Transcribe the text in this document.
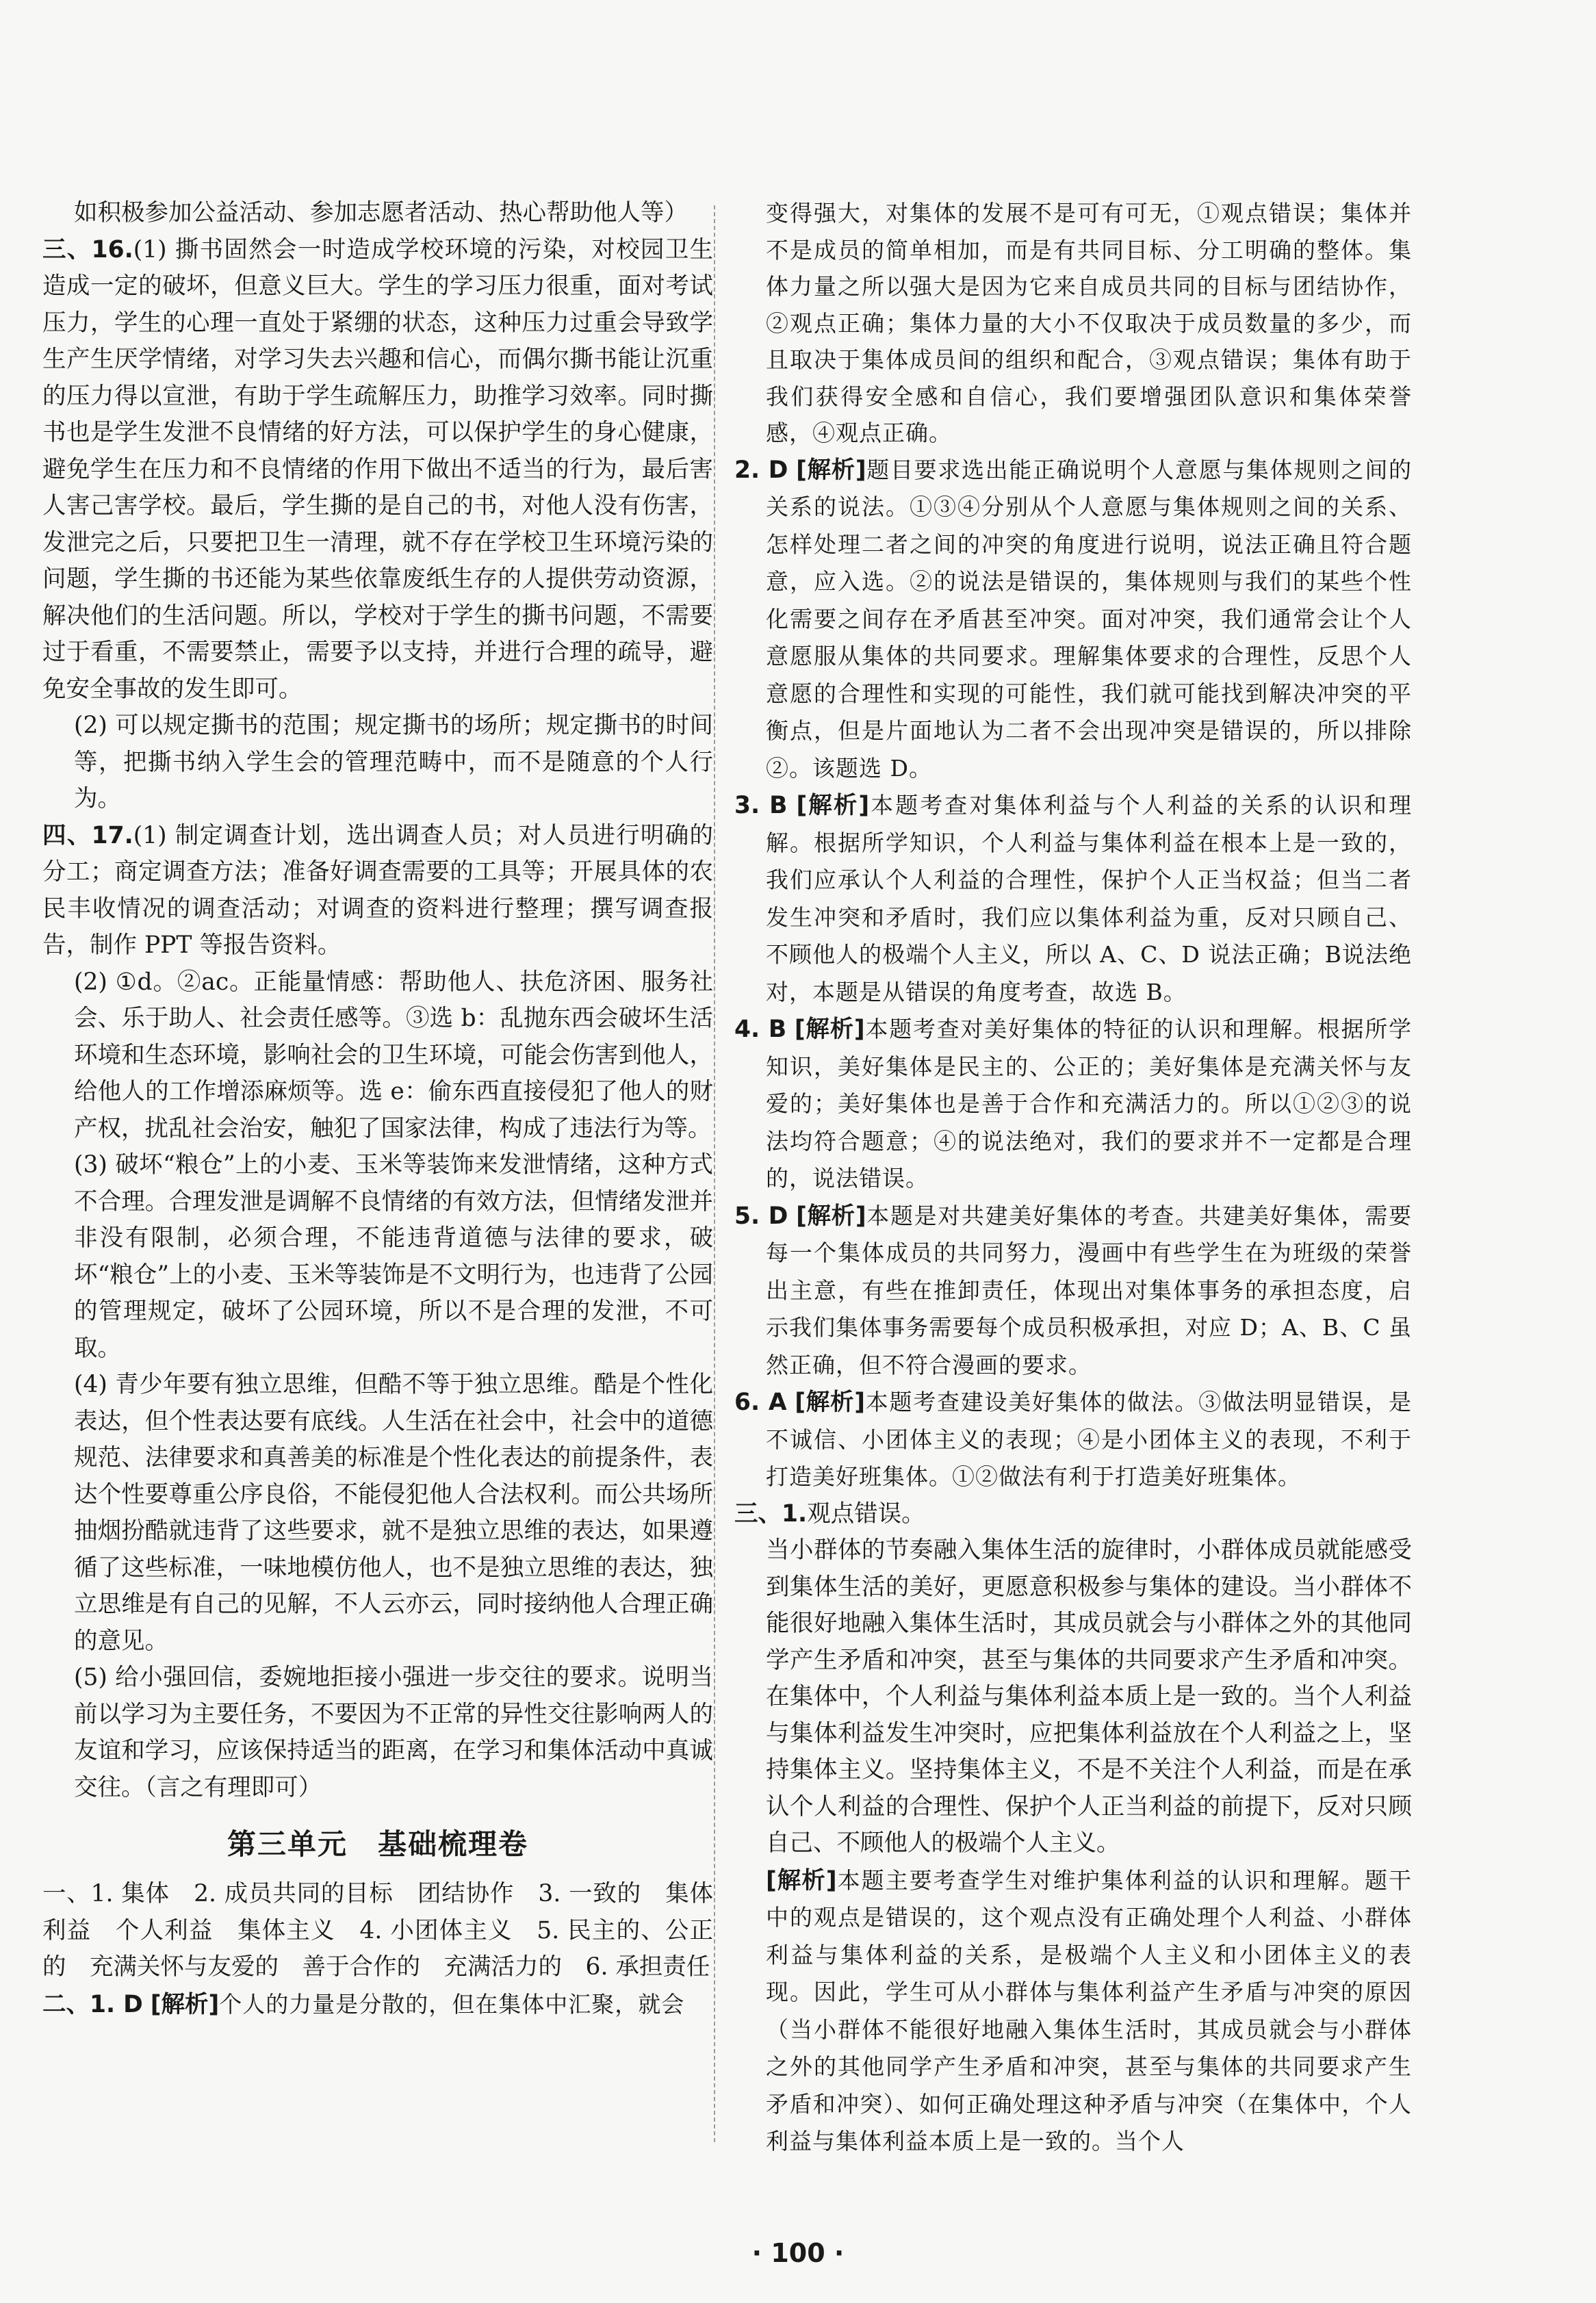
如积极参加公益活动、参加志愿者活动、热心帮助他人等）

三、16.(1) 撕书固然会一时造成学校环境的污染，对校园卫生造成一定的破坏，但意义巨大。学生的学习压力很重，面对考试压力，学生的心理一直处于紧绷的状态，这种压力过重会导致学生产生厌学情绪，对学习失去兴趣和信心，而偶尔撕书能让沉重的压力得以宣泄，有助于学生疏解压力，助推学习效率。同时撕书也是学生发泄不良情绪的好方法，可以保护学生的身心健康，避免学生在压力和不良情绪的作用下做出不适当的行为，最后害人害己害学校。最后，学生撕的是自己的书，对他人没有伤害，发泄完之后，只要把卫生一清理，就不存在学校卫生环境污染的问题，学生撕的书还能为某些依靠废纸生存的人提供劳动资源，解决他们的生活问题。所以，学校对于学生的撕书问题，不需要过于看重，不需要禁止，需要予以支持，并进行合理的疏导，避免安全事故的发生即可。

(2) 可以规定撕书的范围；规定撕书的场所；规定撕书的时间等，把撕书纳入学生会的管理范畴中，而不是随意的个人行为。

四、17.(1) 制定调查计划，选出调查人员；对人员进行明确的分工；商定调查方法；准备好调查需要的工具等；开展具体的农民丰收情况的调查活动；对调查的资料进行整理；撰写调查报告，制作 PPT 等报告资料。

(2) ①d。②ac。正能量情感：帮助他人、扶危济困、服务社会、乐于助人、社会责任感等。③选 b：乱抛东西会破坏生活环境和生态环境，影响社会的卫生环境，可能会伤害到他人，给他人的工作增添麻烦等。选 e：偷东西直接侵犯了他人的财产权，扰乱社会治安，触犯了国家法律，构成了违法行为等。

(3) 破坏“粮仓”上的小麦、玉米等装饰来发泄情绪，这种方式不合理。合理发泄是调解不良情绪的有效方法，但情绪发泄并非没有限制，必须合理，不能违背道德与法律的要求，破坏“粮仓”上的小麦、玉米等装饰是不文明行为，也违背了公园的管理规定，破坏了公园环境，所以不是合理的发泄，不可取。

(4) 青少年要有独立思维，但酷不等于独立思维。酷是个性化表达，但个性表达要有底线。人生活在社会中，社会中的道德规范、法律要求和真善美的标准是个性化表达的前提条件，表达个性要尊重公序良俗，不能侵犯他人合法权利。而公共场所抽烟扮酷就违背了这些要求，就不是独立思维的表达，如果遵循了这些标准，一味地模仿他人，也不是独立思维的表达，独立思维是有自己的见解，不人云亦云，同时接纳他人合理正确的意见。

(5) 给小强回信，委婉地拒接小强进一步交往的要求。说明当前以学习为主要任务，不要因为不正常的异性交往影响两人的友谊和学习，应该保持适当的距离，在学习和集体活动中真诚交往。（言之有理即可）

第三单元　基础梳理卷

一、1. 集体　2. 成员共同的目标　团结协作　3. 一致的　集体利益　个人利益　集体主义　4. 小团体主义　5. 民主的、公正的　充满关怀与友爱的　善于合作的　充满活力的　6. 承担责任

二、1. D [解析]个人的力量是分散的，但在集体中汇聚，就会

变得强大，对集体的发展不是可有可无，①观点错误；集体并不是成员的简单相加，而是有共同目标、分工明确的整体。集体力量之所以强大是因为它来自成员共同的目标与团结协作，②观点正确；集体力量的大小不仅取决于成员数量的多少，而且取决于集体成员间的组织和配合，③观点错误；集体有助于我们获得安全感和自信心，我们要增强团队意识和集体荣誉感，④观点正确。

2. D [解析]题目要求选出能正确说明个人意愿与集体规则之间的关系的说法。①③④分别从个人意愿与集体规则之间的关系、怎样处理二者之间的冲突的角度进行说明，说法正确且符合题意，应入选。②的说法是错误的，集体规则与我们的某些个性化需要之间存在矛盾甚至冲突。面对冲突，我们通常会让个人意愿服从集体的共同要求。理解集体要求的合理性，反思个人意愿的合理性和实现的可能性，我们就可能找到解决冲突的平衡点，但是片面地认为二者不会出现冲突是错误的，所以排除②。该题选 D。

3. B [解析]本题考查对集体利益与个人利益的关系的认识和理解。根据所学知识，个人利益与集体利益在根本上是一致的，我们应承认个人利益的合理性，保护个人正当权益；但当二者发生冲突和矛盾时，我们应以集体利益为重，反对只顾自己、不顾他人的极端个人主义，所以 A、C、D 说法正确；B说法绝对，本题是从错误的角度考查，故选 B。

4. B [解析]本题考查对美好集体的特征的认识和理解。根据所学知识，美好集体是民主的、公正的；美好集体是充满关怀与友爱的；美好集体也是善于合作和充满活力的。所以①②③的说法均符合题意；④的说法绝对，我们的要求并不一定都是合理的，说法错误。

5. D [解析]本题是对共建美好集体的考查。共建美好集体，需要每一个集体成员的共同努力，漫画中有些学生在为班级的荣誉出主意，有些在推卸责任，体现出对集体事务的承担态度，启示我们集体事务需要每个成员积极承担，对应 D；A、B、C 虽然正确，但不符合漫画的要求。

6. A [解析]本题考查建设美好集体的做法。③做法明显错误，是不诚信、小团体主义的表现；④是小团体主义的表现，不利于打造美好班集体。①②做法有利于打造美好班集体。

三、1.观点错误。

当小群体的节奏融入集体生活的旋律时，小群体成员就能感受到集体生活的美好，更愿意积极参与集体的建设。当小群体不能很好地融入集体生活时，其成员就会与小群体之外的其他同学产生矛盾和冲突，甚至与集体的共同要求产生矛盾和冲突。在集体中，个人利益与集体利益本质上是一致的。当个人利益与集体利益发生冲突时，应把集体利益放在个人利益之上，坚持集体主义。坚持集体主义，不是不关注个人利益，而是在承认个人利益的合理性、保护个人正当利益的前提下，反对只顾自己、不顾他人的极端个人主义。

[解析]本题主要考查学生对维护集体利益的认识和理解。题干中的观点是错误的，这个观点没有正确处理个人利益、小群体利益与集体利益的关系，是极端个人主义和小团体主义的表现。因此，学生可从小群体与集体利益产生矛盾与冲突的原因（当小群体不能很好地融入集体生活时，其成员就会与小群体之外的其他同学产生矛盾和冲突，甚至与集体的共同要求产生矛盾和冲突）、如何正确处理这种矛盾与冲突（在集体中，个人利益与集体利益本质上是一致的。当个人

· 100 ·
